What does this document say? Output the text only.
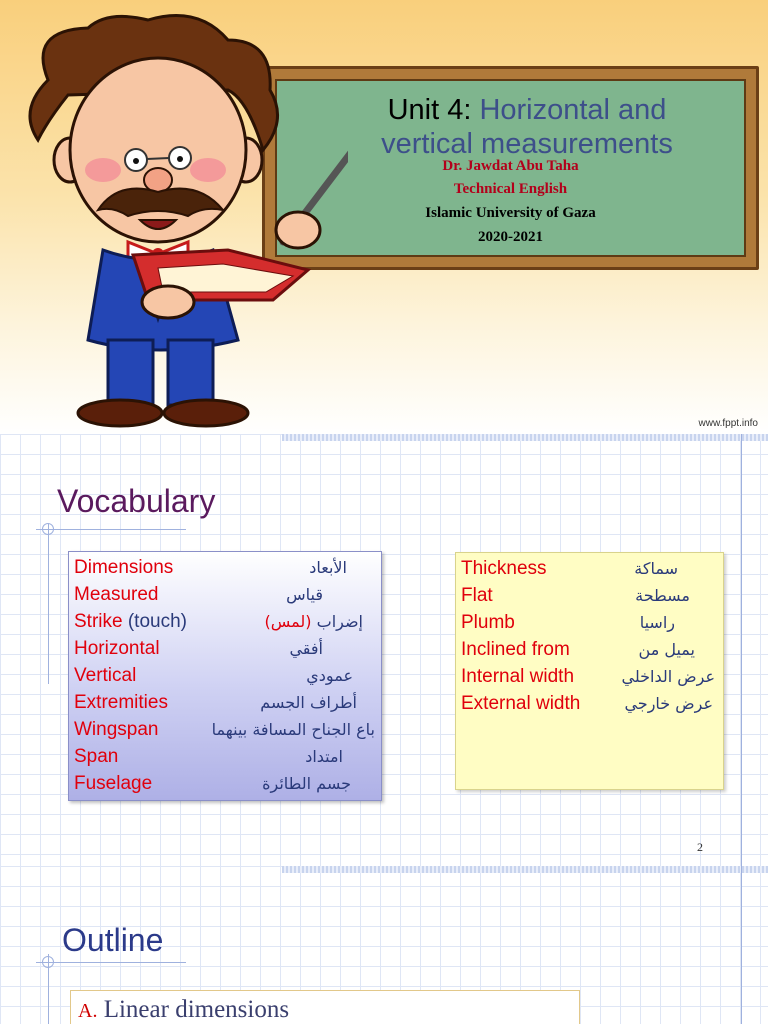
Unit 4: Horizontal and
vertical measurements
Dr. Jawdat Abu Taha
Technical English
Islamic University of Gaza
2020-2021
www.fppt.info
Vocabulary
Dimensions	الأبعاد
Measured	قياس
Strike (touch)	إضراب (لمس)
Horizontal	أفقي
Vertical	عمودي
Extremities	أطراف الجسم
Wingspan	باع الجناح المسافة بينهما
Span	امتداد
Fuselage	جسم الطائرة
Thickness	سماكة
Flat	مسطحة
Plumb	راسيا
Inclined from	يميل من
Internal width	عرض الداخلي
External width	عرض خارجي
2
Outline
A. Linear dimensions
